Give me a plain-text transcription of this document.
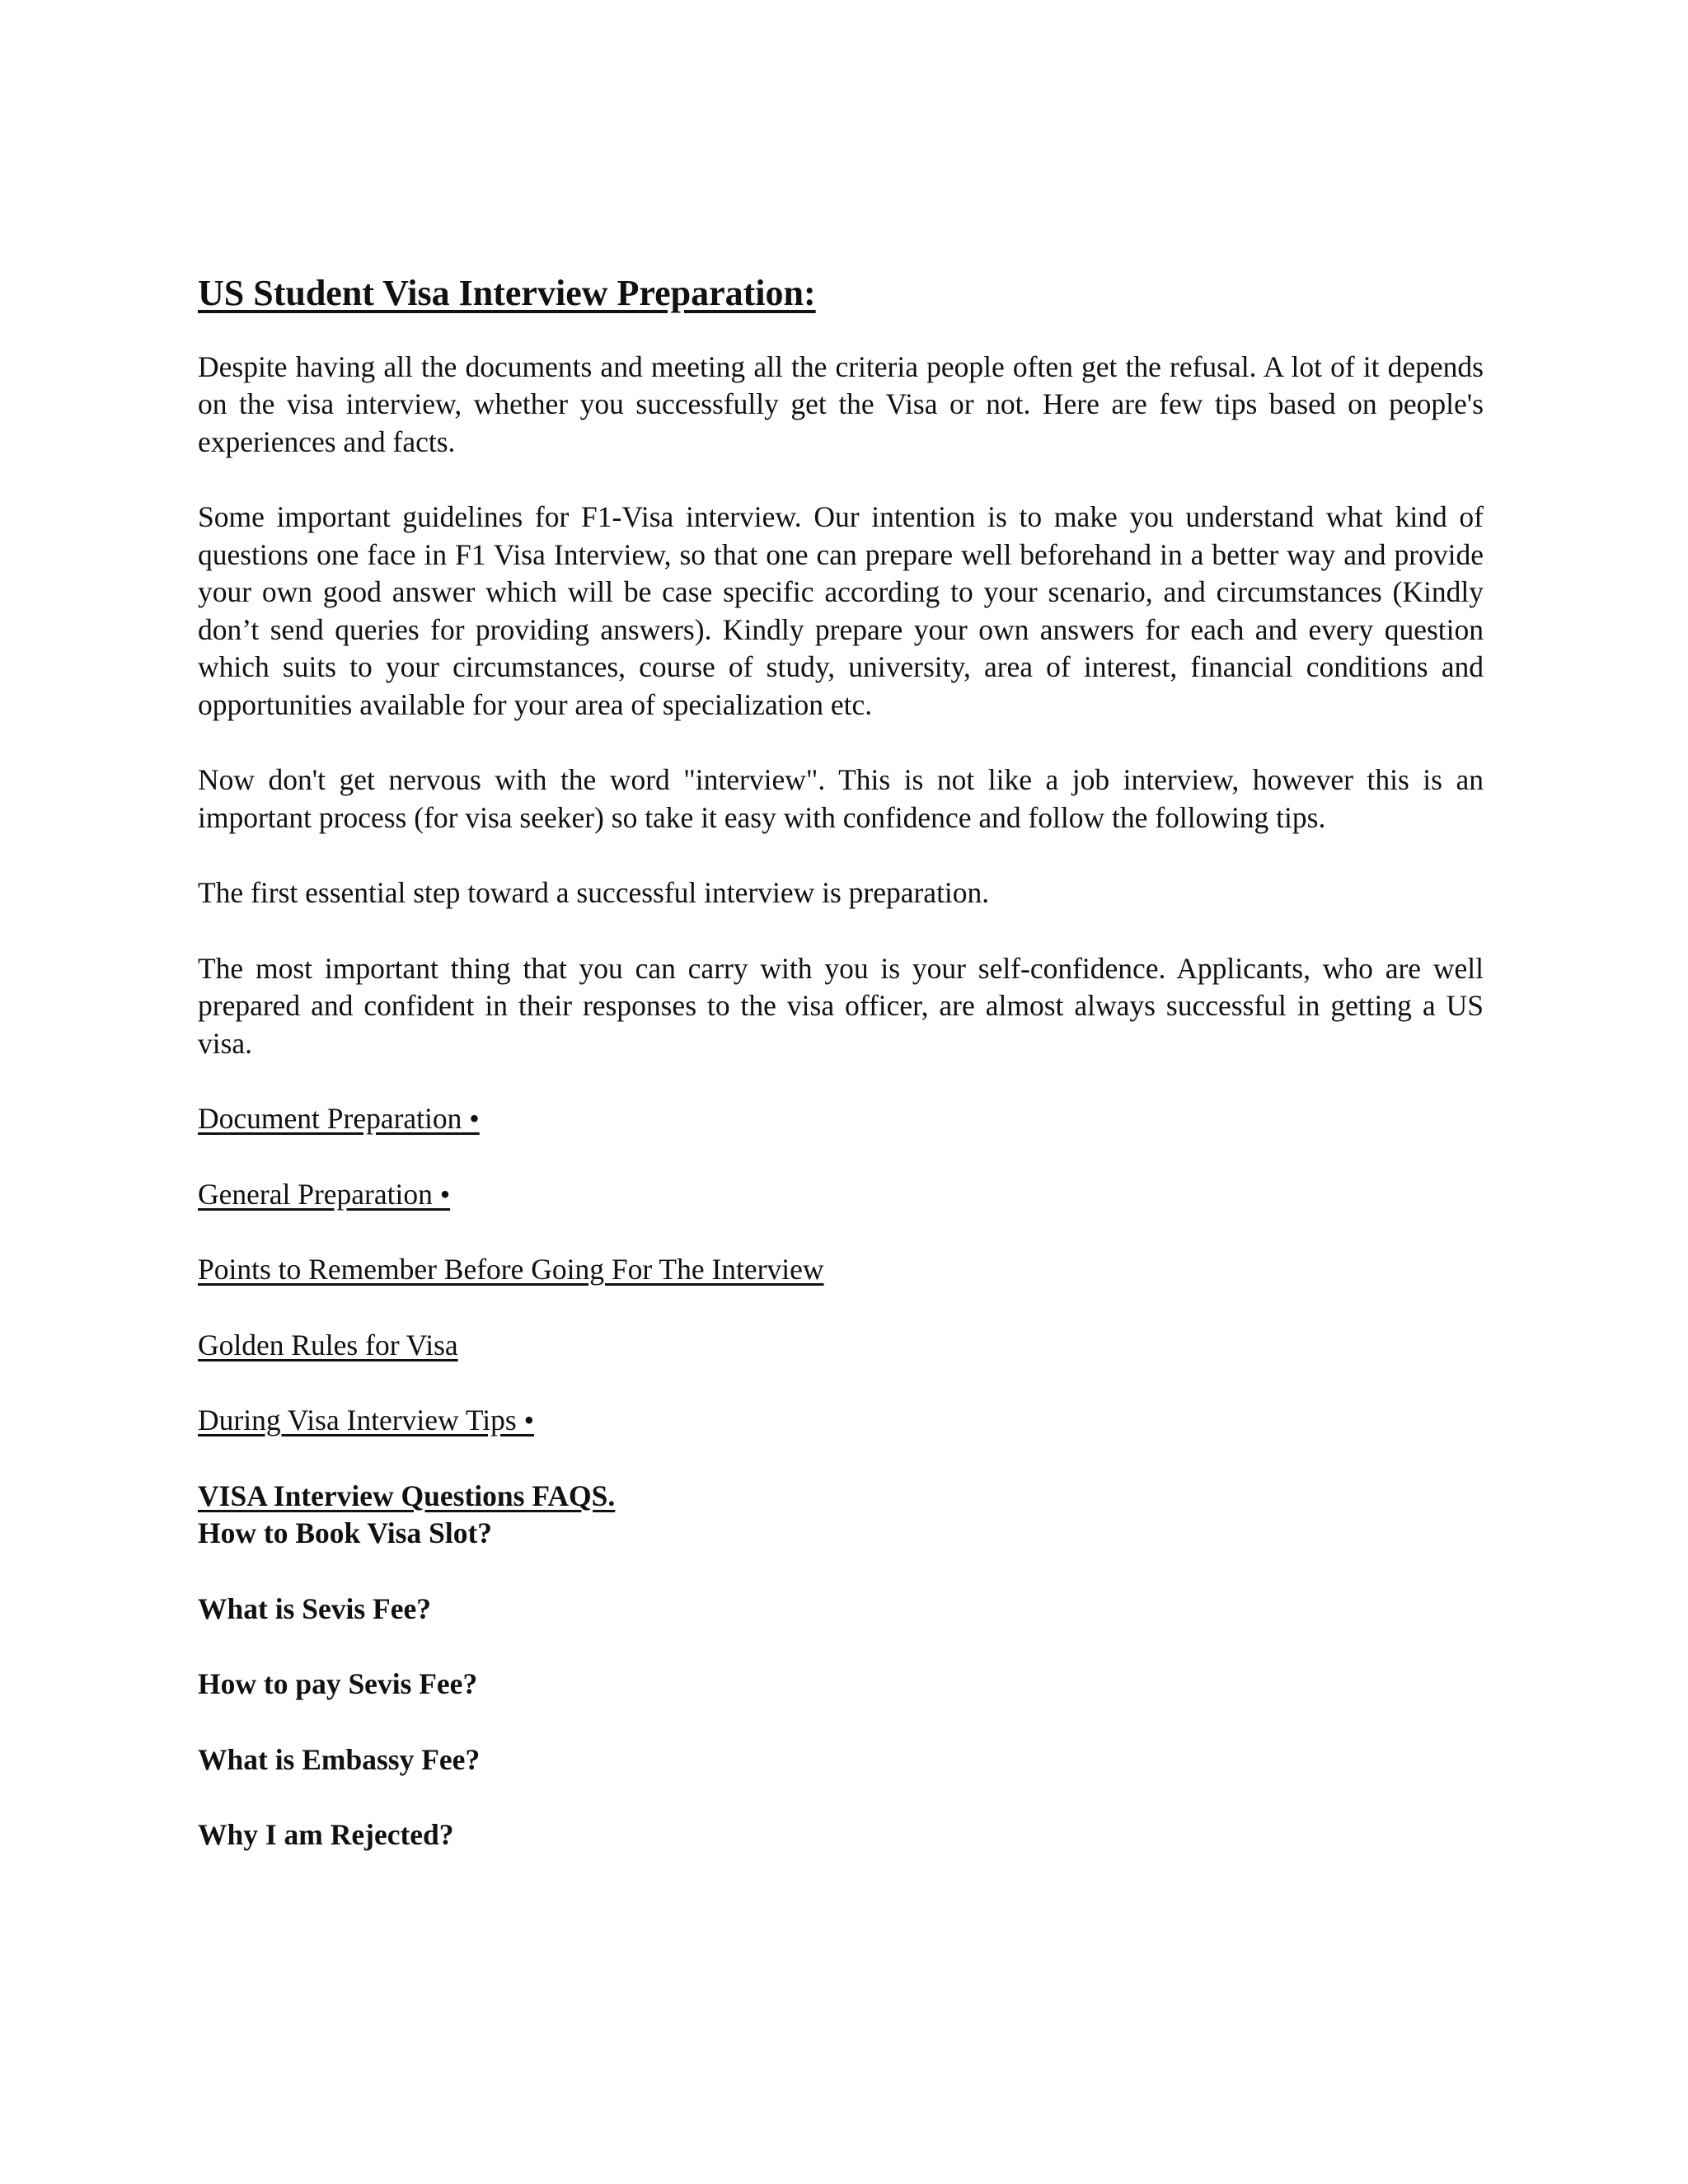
US Student Visa Interview Preparation:

Despite having all the documents and meeting all the criteria people often get the refusal. A lot of it depends on the visa interview, whether you successfully get the Visa or not. Here are few tips based on people's experiences and facts.

Some important guidelines for F1-Visa interview. Our intention is to make you understand what kind of questions one face in F1 Visa Interview, so that one can prepare well beforehand in a better way and provide your own good answer which will be case specific according to your scenario, and circumstances (Kindly don’t send queries for providing answers). Kindly prepare your own answers for each and every question which suits to your circumstances, course of study, university, area of interest, financial conditions and opportunities available for your area of specialization etc.

Now don't get nervous with the word "interview". This is not like a job interview, however this is an important process (for visa seeker) so take it easy with confidence and follow the following tips.

The first essential step toward a successful interview is preparation.

The most important thing that you can carry with you is your self-confidence. Applicants, who are well prepared and confident in their responses to the visa officer, are almost always successful in getting a US visa.

Document Preparation •
General Preparation •
Points to Remember Before Going For The Interview
Golden Rules for Visa
During Visa Interview Tips •
VISA Interview Questions FAQS.
How to Book Visa Slot?
What is Sevis Fee?
How to pay Sevis Fee?
What is Embassy Fee?
Why I am Rejected?
